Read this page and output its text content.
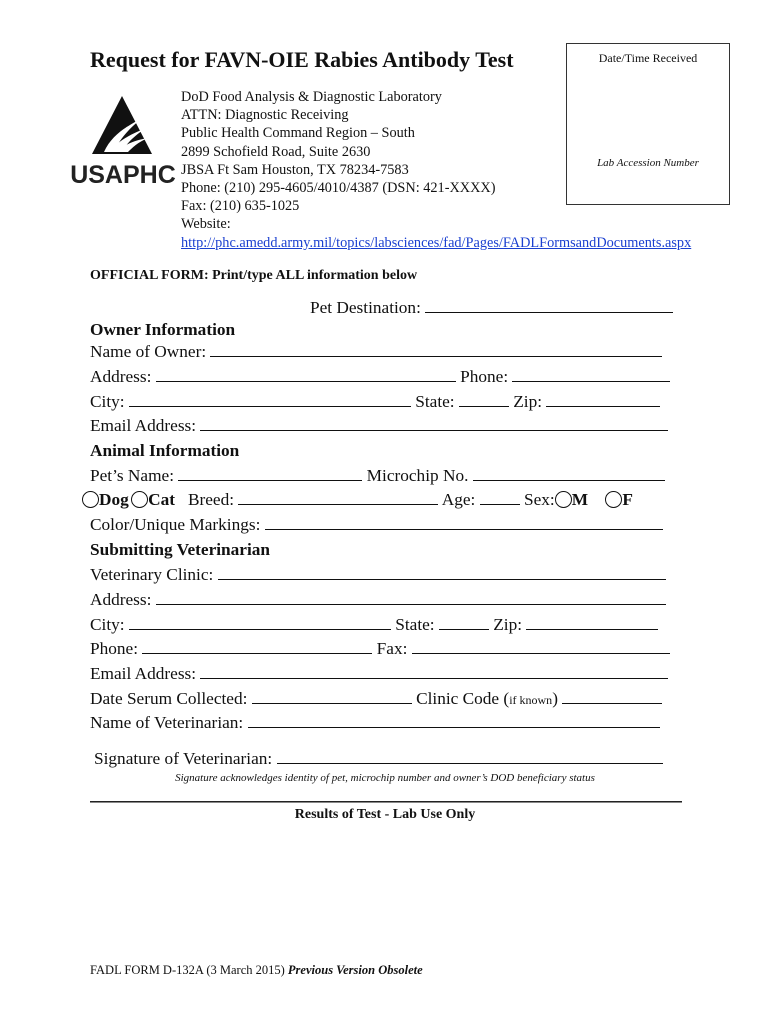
Request for FAVN-OIE Rabies Antibody Test	Date/Time Received
Lab Accession Number
USAPHC
DoD Food Analysis & Diagnostic Laboratory
ATTN: Diagnostic Receiving
Public Health Command Region – South
2899 Schofield Road, Suite 2630
JBSA Ft Sam Houston, TX 78234-7583
Phone: (210) 295-4605/4010/4387 (DSN: 421-XXXX)
Fax: (210) 635-1025
Website:
http://phc.amedd.army.mil/topics/labsciences/fad/Pages/FADLFormsandDocuments.aspx
OFFICIAL FORM: Print/type ALL information below
Pet Destination:
Owner Information
Name of Owner:
Address:	Phone:
City:	State:	Zip:
Email Address:
Animal Information
Pet’s Name:	Microchip No.
Dog Cat Breed:	Age:	Sex: M F
Color/Unique Markings:
Submitting Veterinarian
Veterinary Clinic:
Address:
City:	State:	Zip:
Phone:	Fax:
Email Address:
Date Serum Collected:	Clinic Code (if known)
Name of Veterinarian:
Signature of Veterinarian:
Signature acknowledges identity of pet, microchip number and owner’s DOD beneficiary status
Results of Test - Lab Use Only
FADL FORM D-132A (3 March 2015) Previous Version Obsolete
